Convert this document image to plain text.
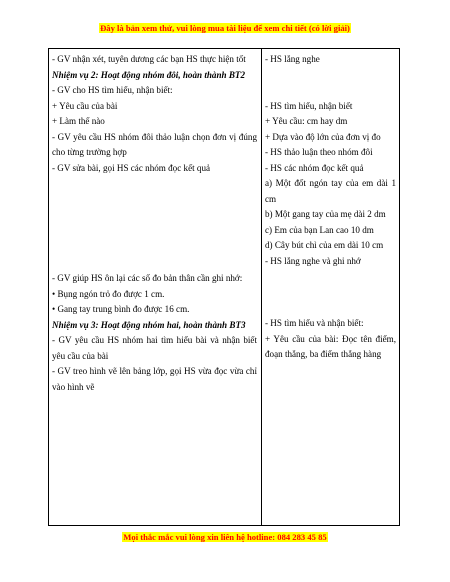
Đây là bản xem thử, vui lòng mua tài liệu để xem chi tiết (có lời giải)

- GV nhận xét, tuyên dương các bạn HS thực hiện tốt

Nhiệm vụ 2: Hoạt động nhóm đôi, hoàn thành BT2

- GV cho HS tìm hiểu, nhận biết:

+ Yêu cầu của bài

+ Làm thế nào

- GV yêu cầu HS nhóm đôi thảo luận chọn đơn vị đúng cho từng trường hợp

- GV sửa bài, gọi HS các nhóm đọc kết quả

- GV giúp HS ôn lại các số đo bản thân cần ghi nhớ:

• Bụng ngón trỏ đo được 1 cm.

• Gang tay trung bình đo được 16 cm.

Nhiệm vụ 3: Hoạt động nhóm hai, hoàn thành BT3

- GV yêu cầu HS nhóm hai tìm hiểu bài và nhận biết yêu cầu của bài

- GV treo hình vẽ lên bảng lớp, gọi HS vừa đọc vừa chỉ vào hình vẽ

- HS lắng nghe

- HS tìm hiểu, nhận biết

+ Yêu cầu: cm hay dm

+ Dựa vào độ lớn của đơn vị đo

- HS thảo luận theo nhóm đôi

- HS các nhóm đọc kết quả

a) Một đốt ngón tay của em dài 1 cm

b) Một gang tay của mẹ dài 2 dm

c) Em của bạn Lan cao 10 dm

d) Cây bút chì của em dài 10 cm

- HS lắng nghe và ghi nhớ

- HS tìm hiểu và nhận biết:

+ Yêu cầu của bài: Đọc tên điểm, đoạn thẳng, ba điểm thẳng hàng

Mọi thắc mắc vui lòng xin liên hệ hotline: 084 283 45 85
